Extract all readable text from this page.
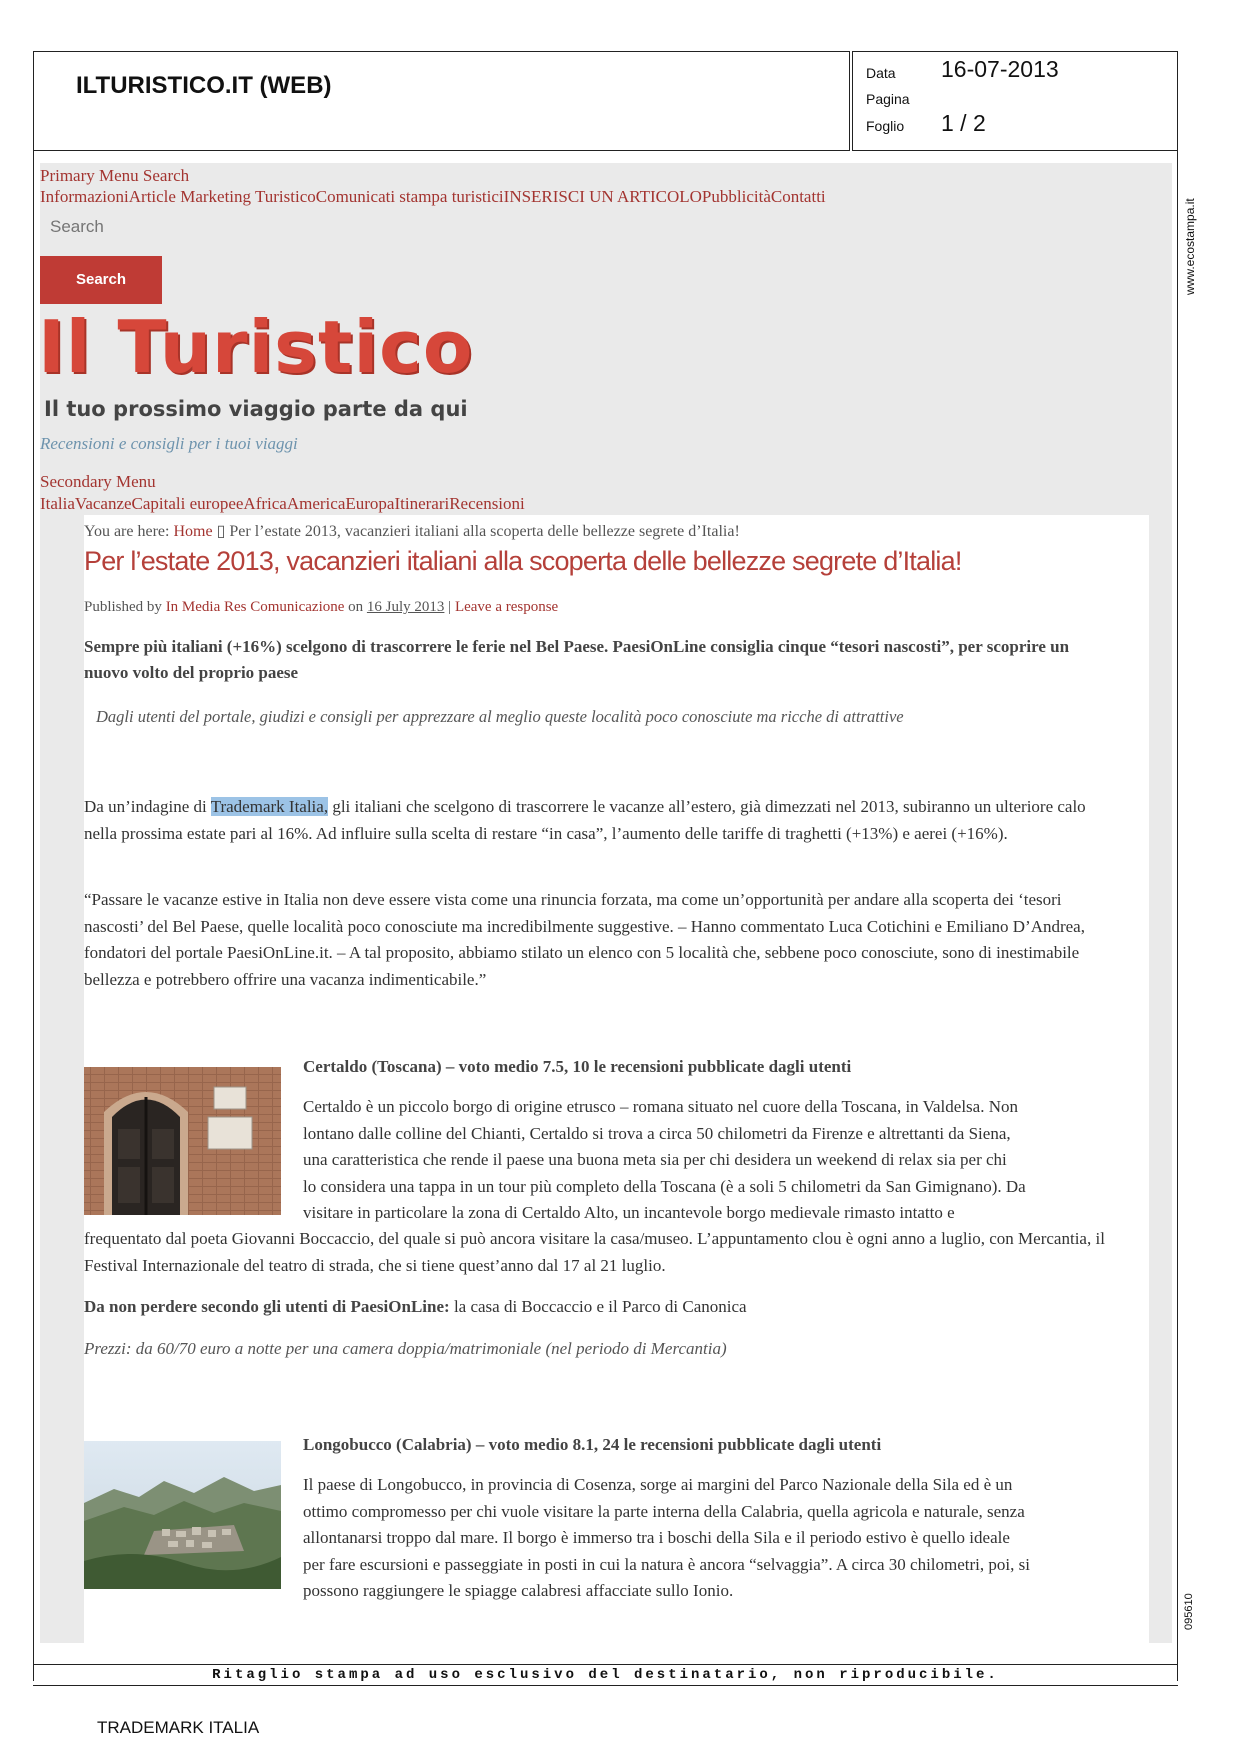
ILTURISTICO.IT (WEB)	Data 16-07-2013
Pagina
Foglio 1 / 2
www.ecostampa.it
095610
Primary Menu Search
InformazioniArticle Marketing TuristicoComunicati stampa turisticiINSERISCI UN ARTICOLOPubblicitàContatti
Search
Search
Il Turistico
Il tuo prossimo viaggio parte da qui
Recensioni e consigli per i tuoi viaggi
Secondary Menu
ItaliaVacanzeCapitali europeeAfricaAmericaEuropaItinerariRecensioni
You are here: Home ▯ Per l’estate 2013, vacanzieri italiani alla scoperta delle bellezze segrete d’Italia!
Per l’estate 2013, vacanzieri italiani alla scoperta delle bellezze segrete d’Italia!
Published by In Media Res Comunicazione on 16 July 2013 | Leave a response

Sempre più italiani (+16%) scelgono di trascorrere le ferie nel Bel Paese. PaesiOnLine consiglia cinque “tesori nascosti”, per scoprire un nuovo volto del proprio paese

Dagli utenti del portale, giudizi e consigli per apprezzare al meglio queste località poco conosciute ma ricche di attrattive

Da un’indagine di Trademark Italia, gli italiani che scelgono di trascorrere le vacanze all’estero, già dimezzati nel 2013, subiranno un ulteriore calo nella prossima estate pari al 16%. Ad influire sulla scelta di restare “in casa”, l’aumento delle tariffe di traghetti (+13%) e aerei (+16%).

“Passare le vacanze estive in Italia non deve essere vista come una rinuncia forzata, ma come un’opportunità per andare alla scoperta dei ‘tesori nascosti’ del Bel Paese, quelle località poco conosciute ma incredibilmente suggestive. – Hanno commentato Luca Cotichini e Emiliano D’Andrea, fondatori del portale PaesiOnLine.it. – A tal proposito, abbiamo stilato un elenco con 5 località che, sebbene poco conosciute, sono di inestimabile bellezza e potrebbero offrire una vacanza indimenticabile.”

Certaldo (Toscana) – voto medio 7.5, 10 le recensioni pubblicate dagli utenti
Certaldo è un piccolo borgo di origine etrusco – romana situato nel cuore della Toscana, in Valdelsa. Non
lontano dalle colline del Chianti, Certaldo si trova a circa 50 chilometri da Firenze e altrettanti da Siena,
una caratteristica che rende il paese una buona meta sia per chi desidera un weekend di relax sia per chi
lo considera una tappa in un tour più completo della Toscana (è a soli 5 chilometri da San Gimignano). Da
visitare in particolare la zona di Certaldo Alto, un incantevole borgo medievale rimasto intatto e

frequentato dal poeta Giovanni Boccaccio, del quale si può ancora visitare la casa/museo. L’appuntamento clou è ogni anno a luglio, con Mercantia, il Festival Internazionale del teatro di strada, che si tiene quest’anno dal 17 al 21 luglio.

Da non perdere secondo gli utenti di PaesiOnLine: la casa di Boccaccio e il Parco di Canonica

Prezzi: da 60/70 euro a notte per una camera doppia/matrimoniale (nel periodo di Mercantia)

Longobucco (Calabria) – voto medio 8.1, 24 le recensioni pubblicate dagli utenti
Il paese di Longobucco, in provincia di Cosenza, sorge ai margini del Parco Nazionale della Sila ed è un
ottimo compromesso per chi vuole visitare la parte interna della Calabria, quella agricola e naturale, senza
allontanarsi troppo dal mare. Il borgo è immerso tra i boschi della Sila e il periodo estivo è quello ideale
per fare escursioni e passeggiate in posti in cui la natura è ancora “selvaggia”. A circa 30 chilometri, poi, si
possono raggiungere le spiagge calabresi affacciate sullo Ionio.
Ritaglio stampa ad uso esclusivo del destinatario, non riproducibile.
TRADEMARK ITALIA
